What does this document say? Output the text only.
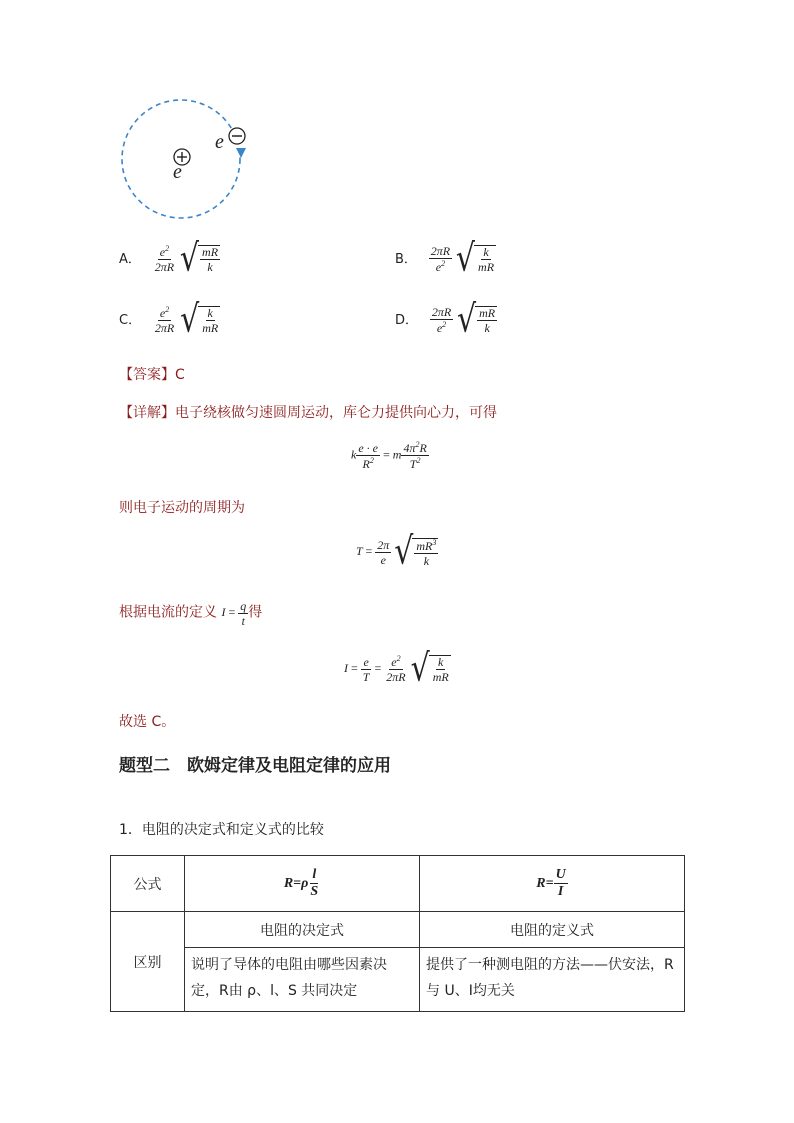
e
e
A． $\frac{e^2}{2\pi R}$
√ $\frac{mR}{k}$	B． $\frac{2\pi R}{e^2}$
√ $\frac{k}{mR}$
C． $\frac{e^2}{2\pi R}$
√ $\frac{k}{mR}$	D． $\frac{2\pi R}{e^2}$
√ $\frac{mR}{k}$
【答案】C
【详解】电子绕核做匀速圆周运动，库仑力提供向心力，可得
k $\frac{e \cdot e}{R^2} = m \frac{4\pi^2R}{T^2}$
则电子运动的周期为
$T = \frac{2\pi}{e}$
√ $\frac{mR^3}{k}$
根据电流的定义 $I = \frac{q}{t}$ 得
$I = \frac{e}{T} = \frac{e^2}{2\pi R}$
√ $\frac{k}{mR}$
故选 C。
题型二　欧姆定律及电阻定律的应用
1．电阻的决定式和定义式的比较
公式	$R=\rho \frac{l}{S}$	$R= \frac{U}{I}$

区别	电阻的决定式	电阻的定义式
	说明了导体的电阻由哪些因素决定，R由 ρ、l、S 共同决定	提供了一种测电阻的方法——伏安法，R与 U、I均无关
